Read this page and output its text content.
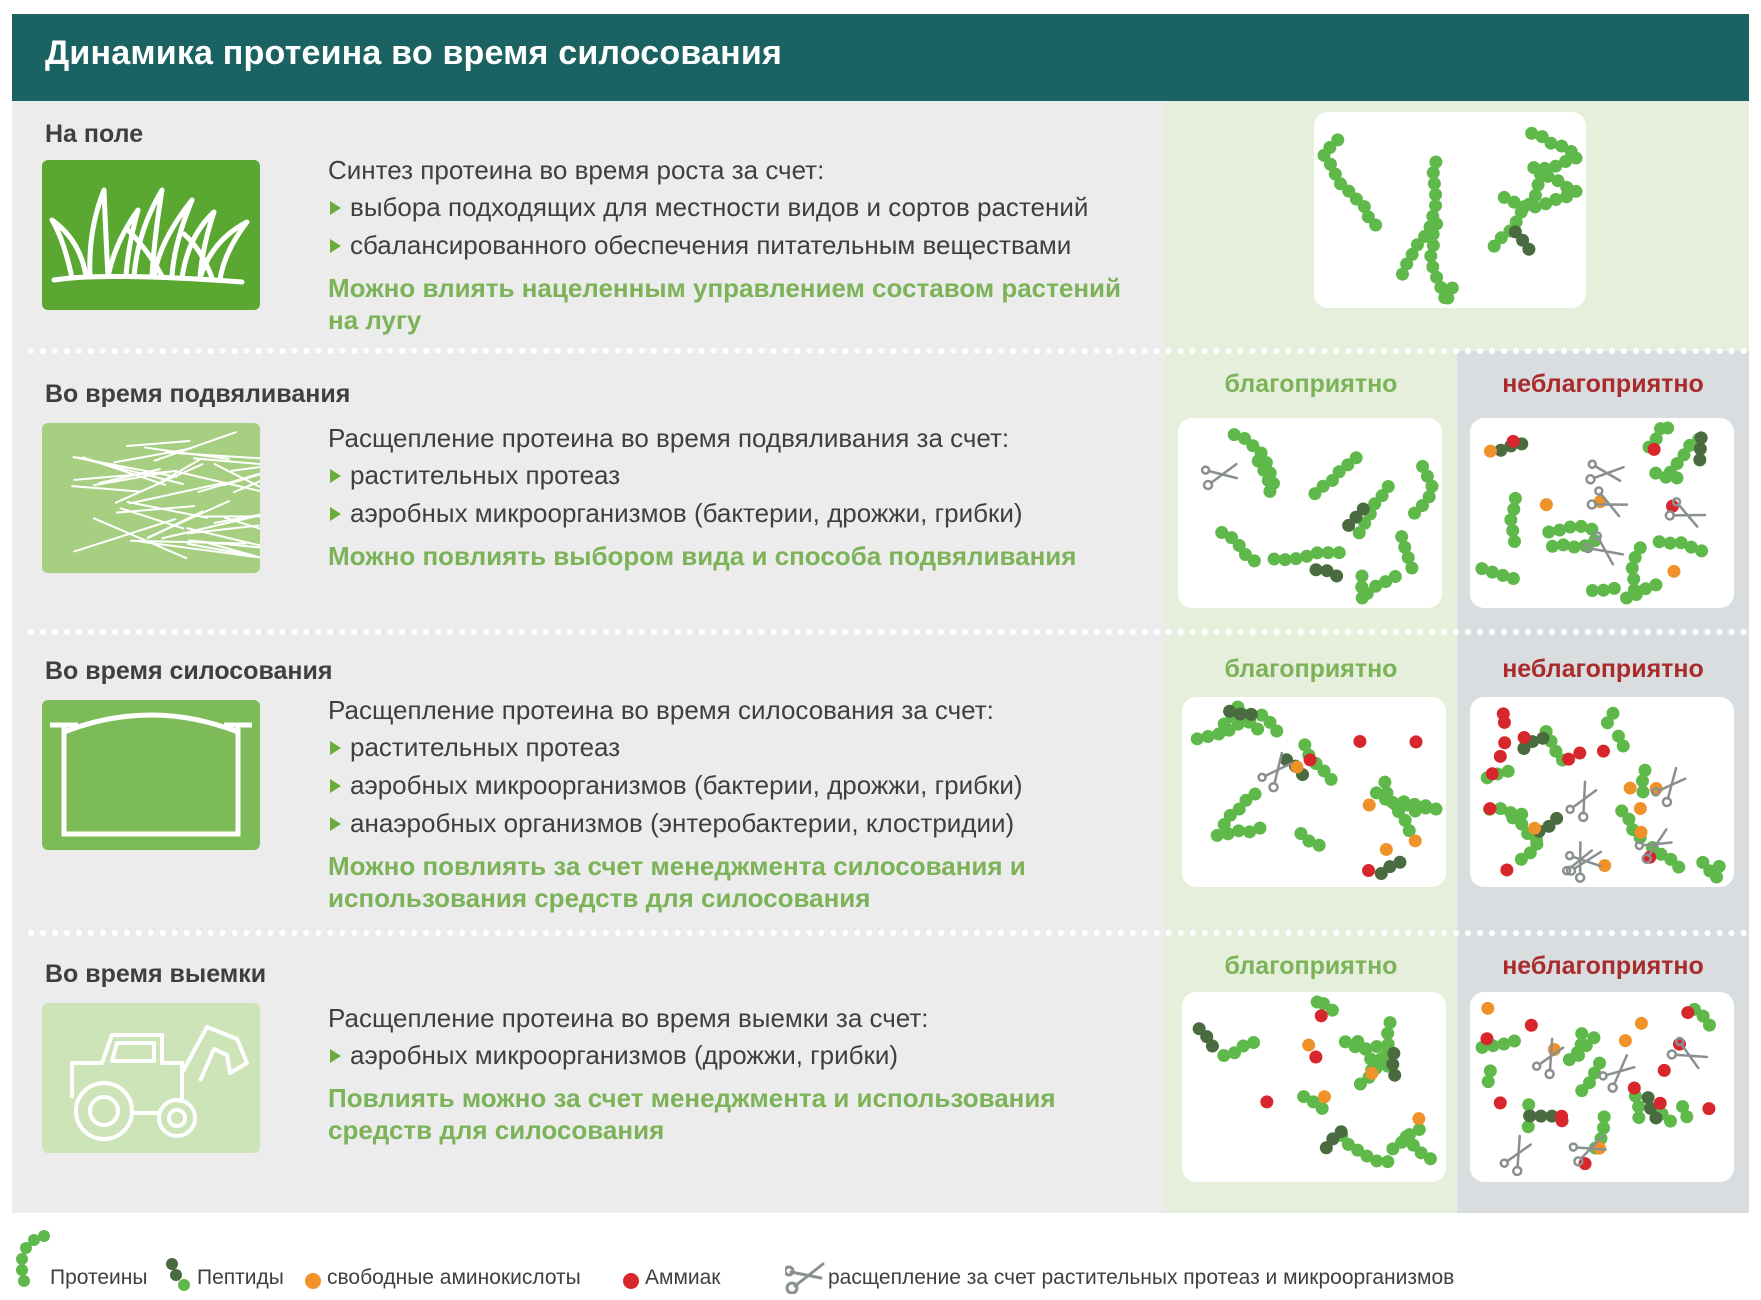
Динамика протеина во время силосования
На поле
Синтез протеина во время роста за счет:
выбора подходящих для местности видов и сортов растений
сбалансированного обеспечения питательным веществами
Можно влиять нацеленным управлением составом растений на лугу
благоприятно	неблагоприятно
Во время подвяливания
Расщепление протеина во время подвяливания за счет:
растительных протеаз
аэробных микроорганизмов (бактерии, дрожжи, грибки)
Можно повлиять выбором вида и способа подвяливания
благоприятно	неблагоприятно
Во время силосования
Расщепление протеина во время силосования за счет:
растительных протеаз
аэробных микроорганизмов (бактерии, дрожжи, грибки)
анаэробных организмов (энтеробактерии, клостридии)
Можно повлиять за счет менеджмента силосования и использования средств для силосования
благоприятно	неблагоприятно
Во время выемки
Расщепление протеина во время выемки за счет:
аэробных микроорганизмов (дрожжи, грибки)
Повлиять можно за счет менеджмента и использования средств для силосования
Протеины Пептиды свободные аминокислоты	Аммиак	расщепление за счет растительных протеаз и микроорганизмов
